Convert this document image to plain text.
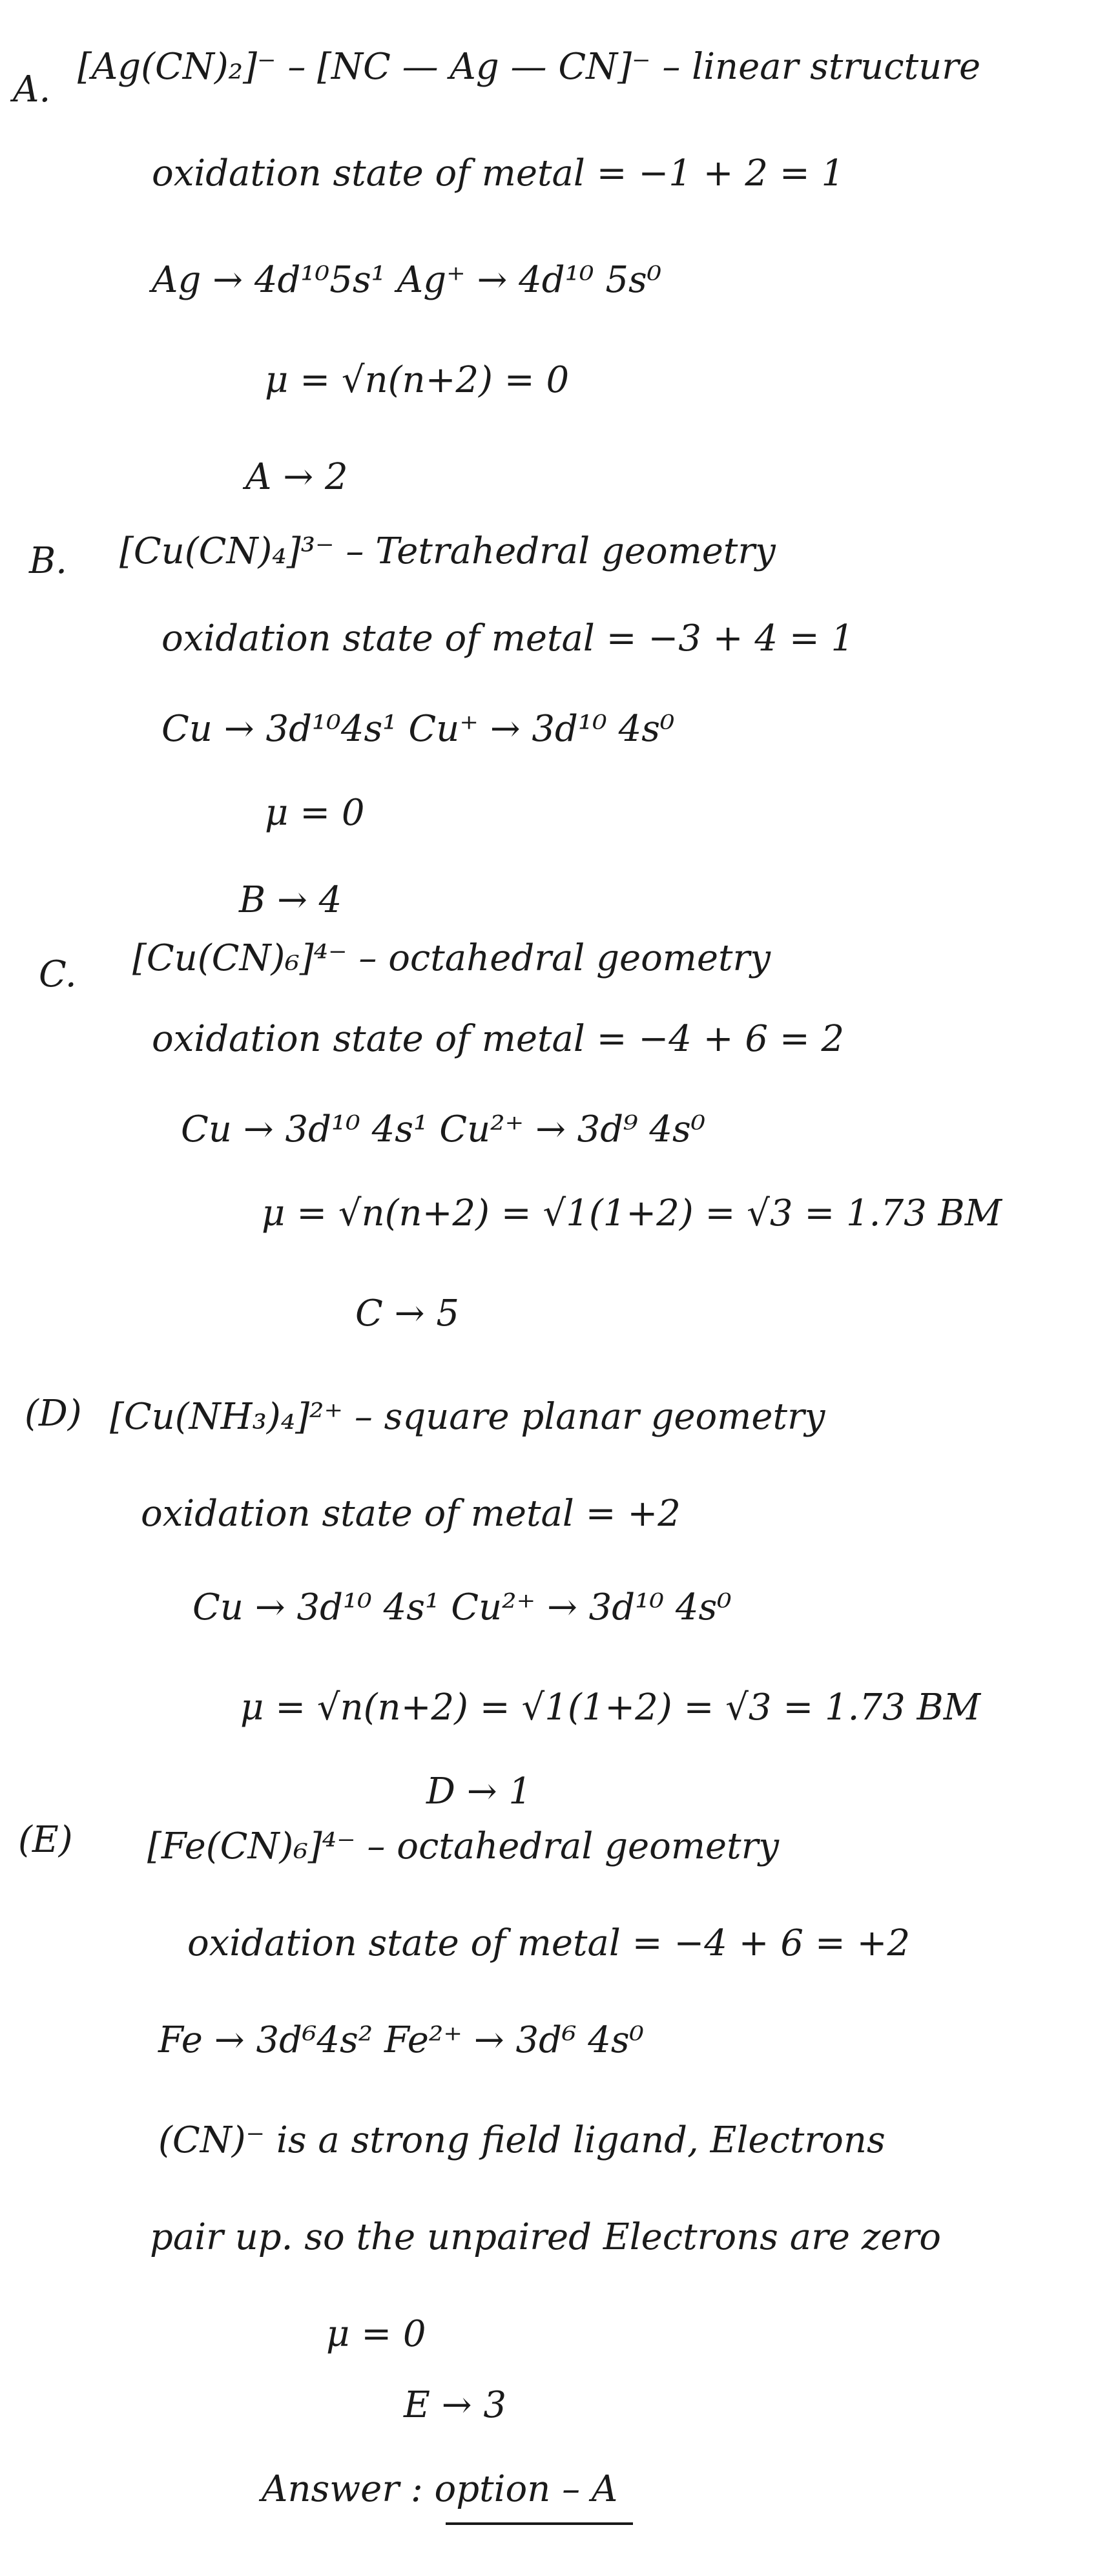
A.
[Ag(CN)₂]⁻ – [NC — Ag — CN]⁻ – linear structure
oxidation state of metal = −1 + 2 = 1
Ag → 4d¹⁰5s¹ Ag⁺ → 4d¹⁰ 5s⁰
μ = √n(n+2) = 0
A → 2
B. [Cu(CN)₄]³⁻ – Tetrahedral geometry
oxidation state of metal = −3 + 4 = 1
Cu → 3d¹⁰4s¹ Cu⁺ → 3d¹⁰ 4s⁰
μ = 0
B → 4
C. [Cu(CN)₆]⁴⁻ – octahedral geometry
oxidation state of metal = −4 + 6 = 2
Cu → 3d¹⁰ 4s¹ Cu²⁺ → 3d⁹ 4s⁰
μ = √n(n+2) = √1(1+2) = √3 = 1.73 BM
C → 5
(D) [Cu(NH₃)₄]²⁺ – square planar geometry
oxidation state of metal = +2
Cu → 3d¹⁰ 4s¹ Cu²⁺ → 3d¹⁰ 4s⁰
μ = √n(n+2) = √1(1+2) = √3 = 1.73 BM
D → 1
(E) [Fe(CN)₆]⁴⁻ – octahedral geometry
oxidation state of metal = −4 + 6 = +2
Fe → 3d⁶4s² Fe²⁺ → 3d⁶ 4s⁰
(CN)⁻ is a strong field ligand, Electrons
pair up. so the unpaired Electrons are zero
μ = 0
E → 3
Answer : option – A
